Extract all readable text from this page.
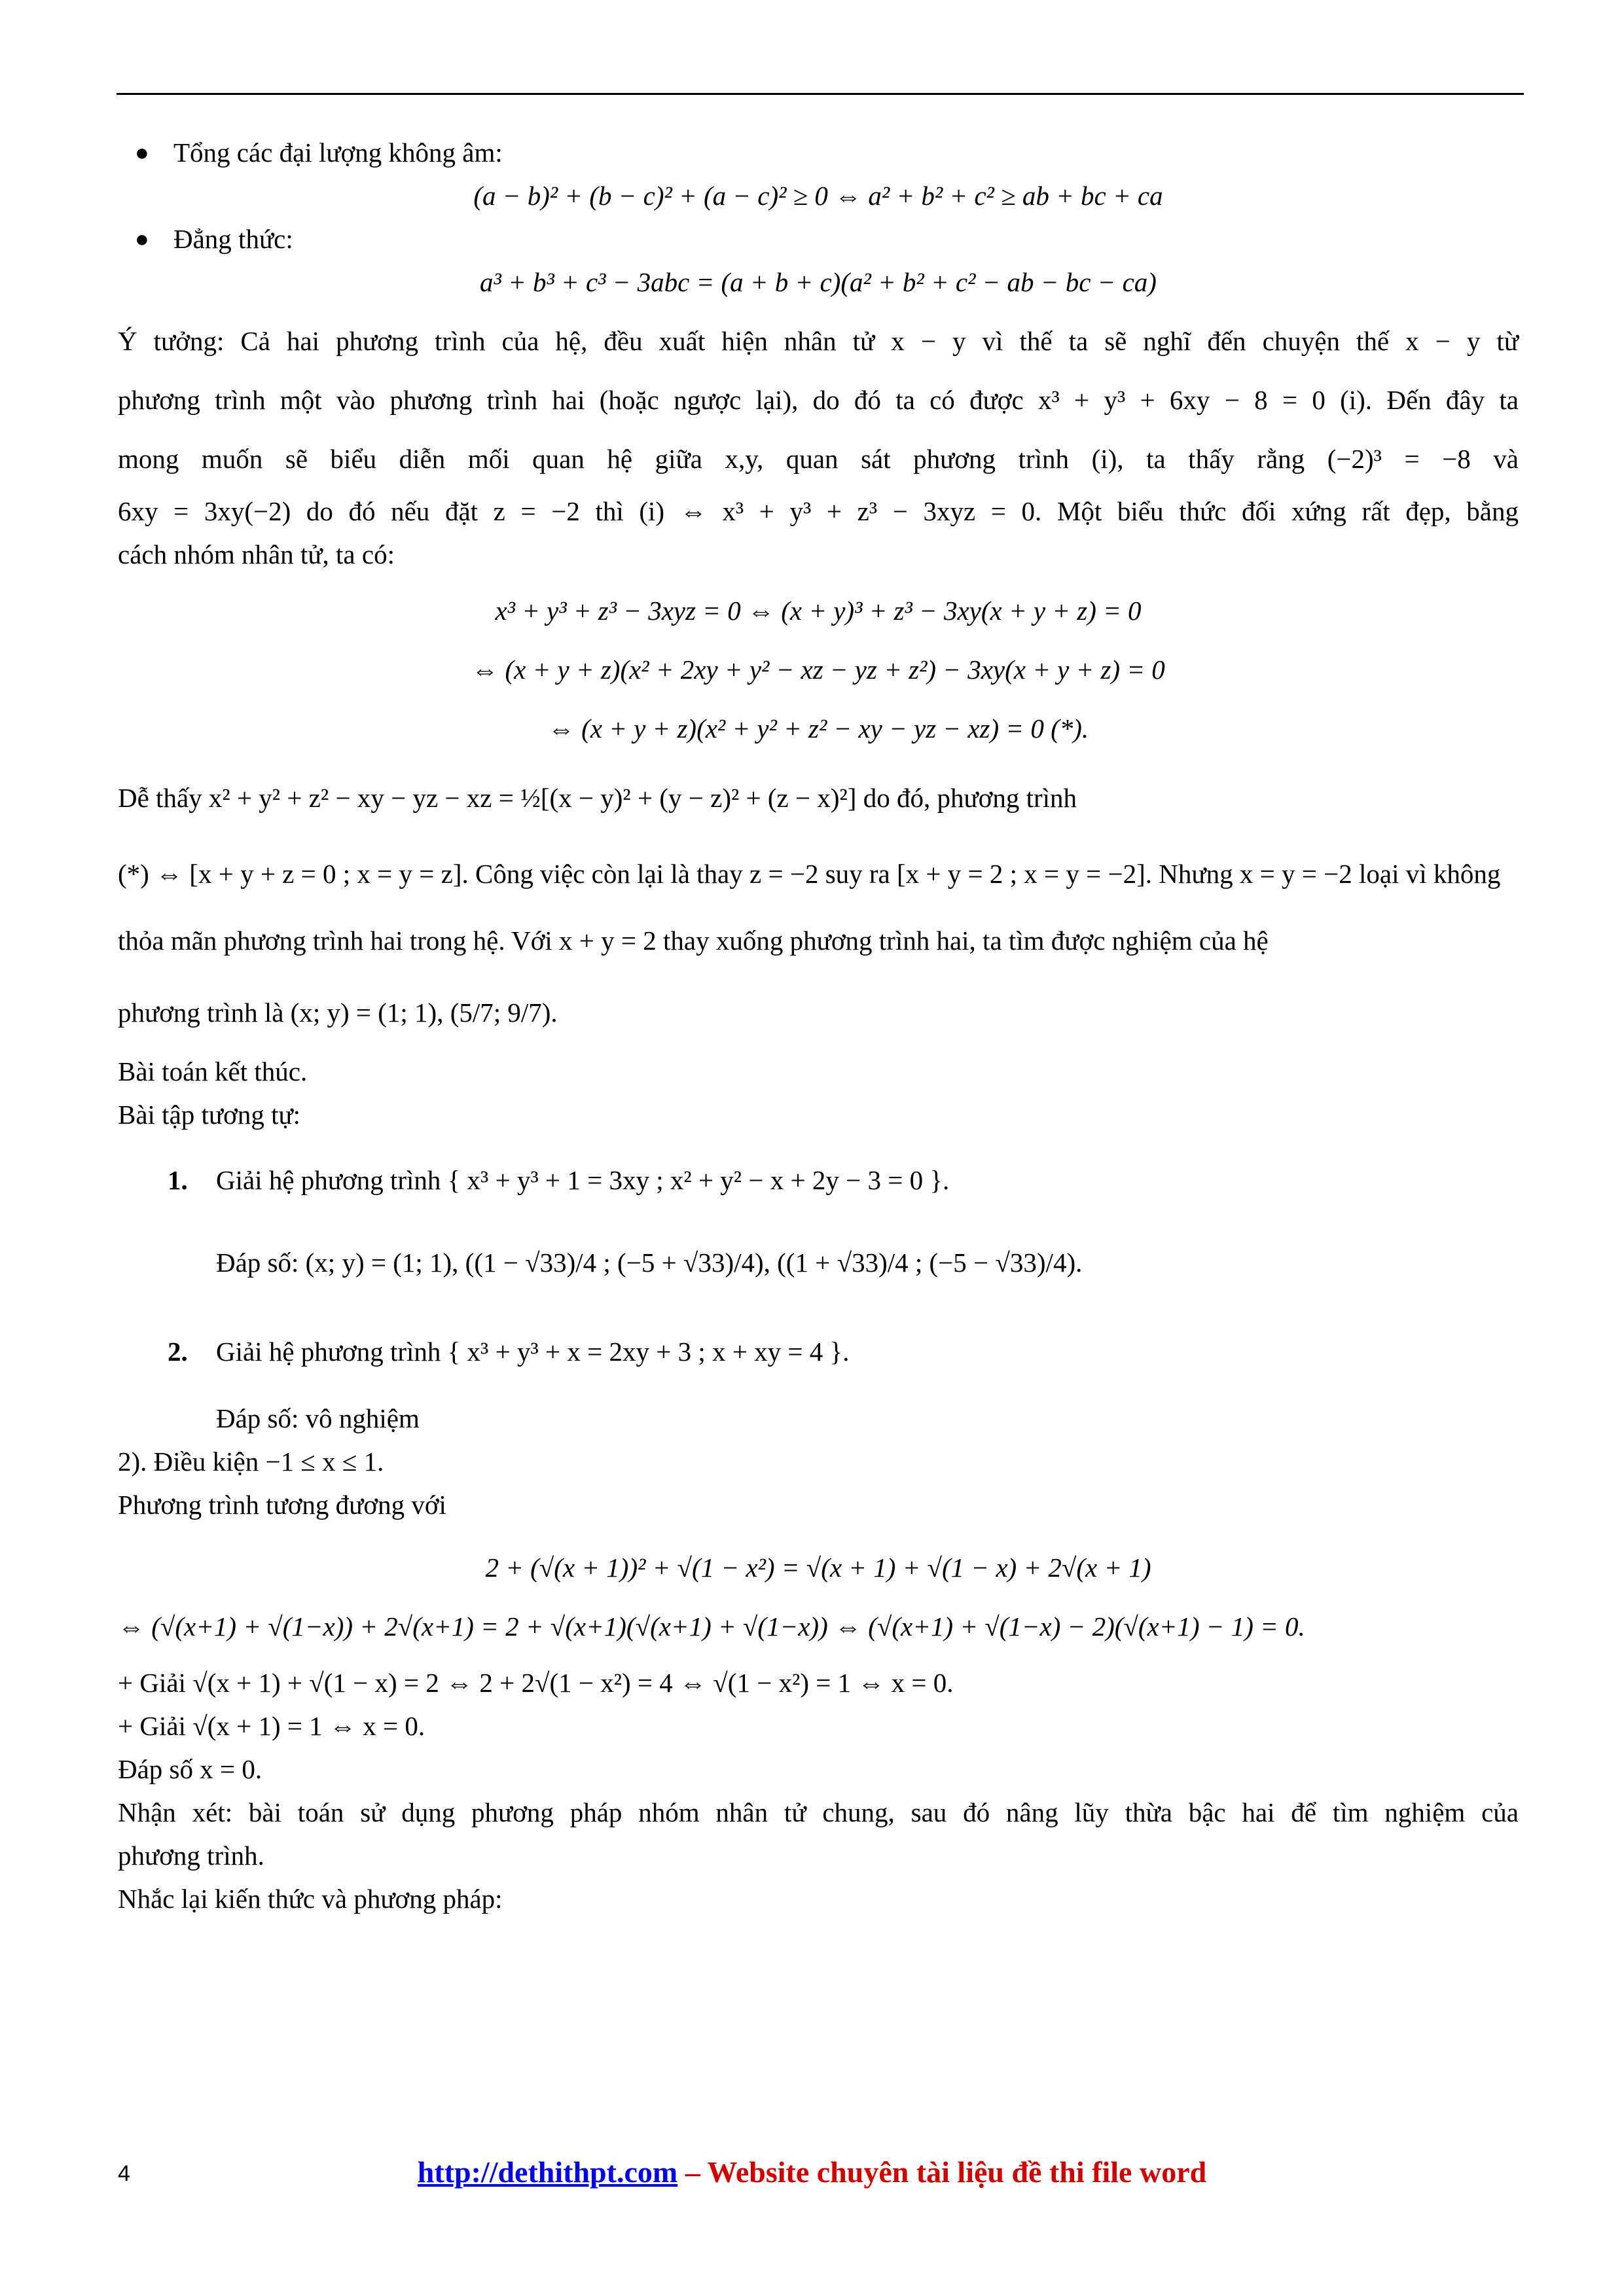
● Tổng các đại lượng không âm:
(a − b)² + (b − c)² + (a − c)² ≥ 0 ⇔ a² + b² + c² ≥ ab + bc + ca
● Đẳng thức:
a³ + b³ + c³ − 3abc = (a + b + c)(a² + b² + c² − ab − bc − ca)
Ý tưởng: Cả hai phương trình của hệ, đều xuất hiện nhân tử x − y vì thế ta sẽ nghĩ đến chuyện thế x − y từ
phương trình một vào phương trình hai (hoặc ngược lại), do đó ta có được x³ + y³ + 6xy − 8 = 0 (i). Đến đây ta
mong muốn sẽ biểu diễn mối quan hệ giữa x,y, quan sát phương trình (i), ta thấy rằng (−2)³ = −8 và
6xy = 3xy(−2) do đó nếu đặt z = −2 thì (i) ⇔ x³ + y³ + z³ − 3xyz = 0. Một biểu thức đối xứng rất đẹp, bằng
cách nhóm nhân tử, ta có:
x³ + y³ + z³ − 3xyz = 0 ⇔ (x + y)³ + z³ − 3xy(x + y + z) = 0
⇔ (x + y + z)(x² + 2xy + y² − xz − yz + z²) − 3xy(x + y + z) = 0
⇔ (x + y + z)(x² + y² + z² − xy − yz − xz) = 0 (*).
Dễ thấy x² + y² + z² − xy − yz − xz = ½[(x − y)² + (y − z)² + (z − x)²] do đó, phương trình
(*) ⇔ [x + y + z = 0 ; x = y = z]. Công việc còn lại là thay z = −2 suy ra [x + y = 2 ; x = y = −2]. Nhưng x = y = −2 loại vì không
thỏa mãn phương trình hai trong hệ. Với x + y = 2 thay xuống phương trình hai, ta tìm được nghiệm của hệ
phương trình là (x; y) = (1; 1), (5/7; 9/7).
Bài toán kết thúc.
Bài tập tương tự:
1. Giải hệ phương trình { x³ + y³ + 1 = 3xy ; x² + y² − x + 2y − 3 = 0 }.
Đáp số: (x; y) = (1; 1), ((1 − √33)/4 ; (−5 + √33)/4), ((1 + √33)/4 ; (−5 − √33)/4).
2. Giải hệ phương trình { x³ + y³ + x = 2xy + 3 ; x + xy = 4 }.
Đáp số: vô nghiệm
2). Điều kiện −1 ≤ x ≤ 1.
Phương trình tương đương với
2 + (√(x + 1))² + √(1 − x²) = √(x + 1) + √(1 − x) + 2√(x + 1)
⇔ (√(x+1) + √(1−x)) + 2√(x+1) = 2 + √(x+1)(√(x+1) + √(1−x)) ⇔ (√(x+1) + √(1−x) − 2)(√(x+1) − 1) = 0.
+ Giải √(x + 1) + √(1 − x) = 2 ⇔ 2 + 2√(1 − x²) = 4 ⇔ √(1 − x²) = 1 ⇔ x = 0.
+ Giải √(x + 1) = 1 ⇔ x = 0.
Đáp số x = 0.
Nhận xét: bài toán sử dụng phương pháp nhóm nhân tử chung, sau đó nâng lũy thừa bậc hai để tìm nghiệm của
phương trình.
Nhắc lại kiến thức và phương pháp:
4	http://dethithpt.com – Website chuyên tài liệu đề thi file word
